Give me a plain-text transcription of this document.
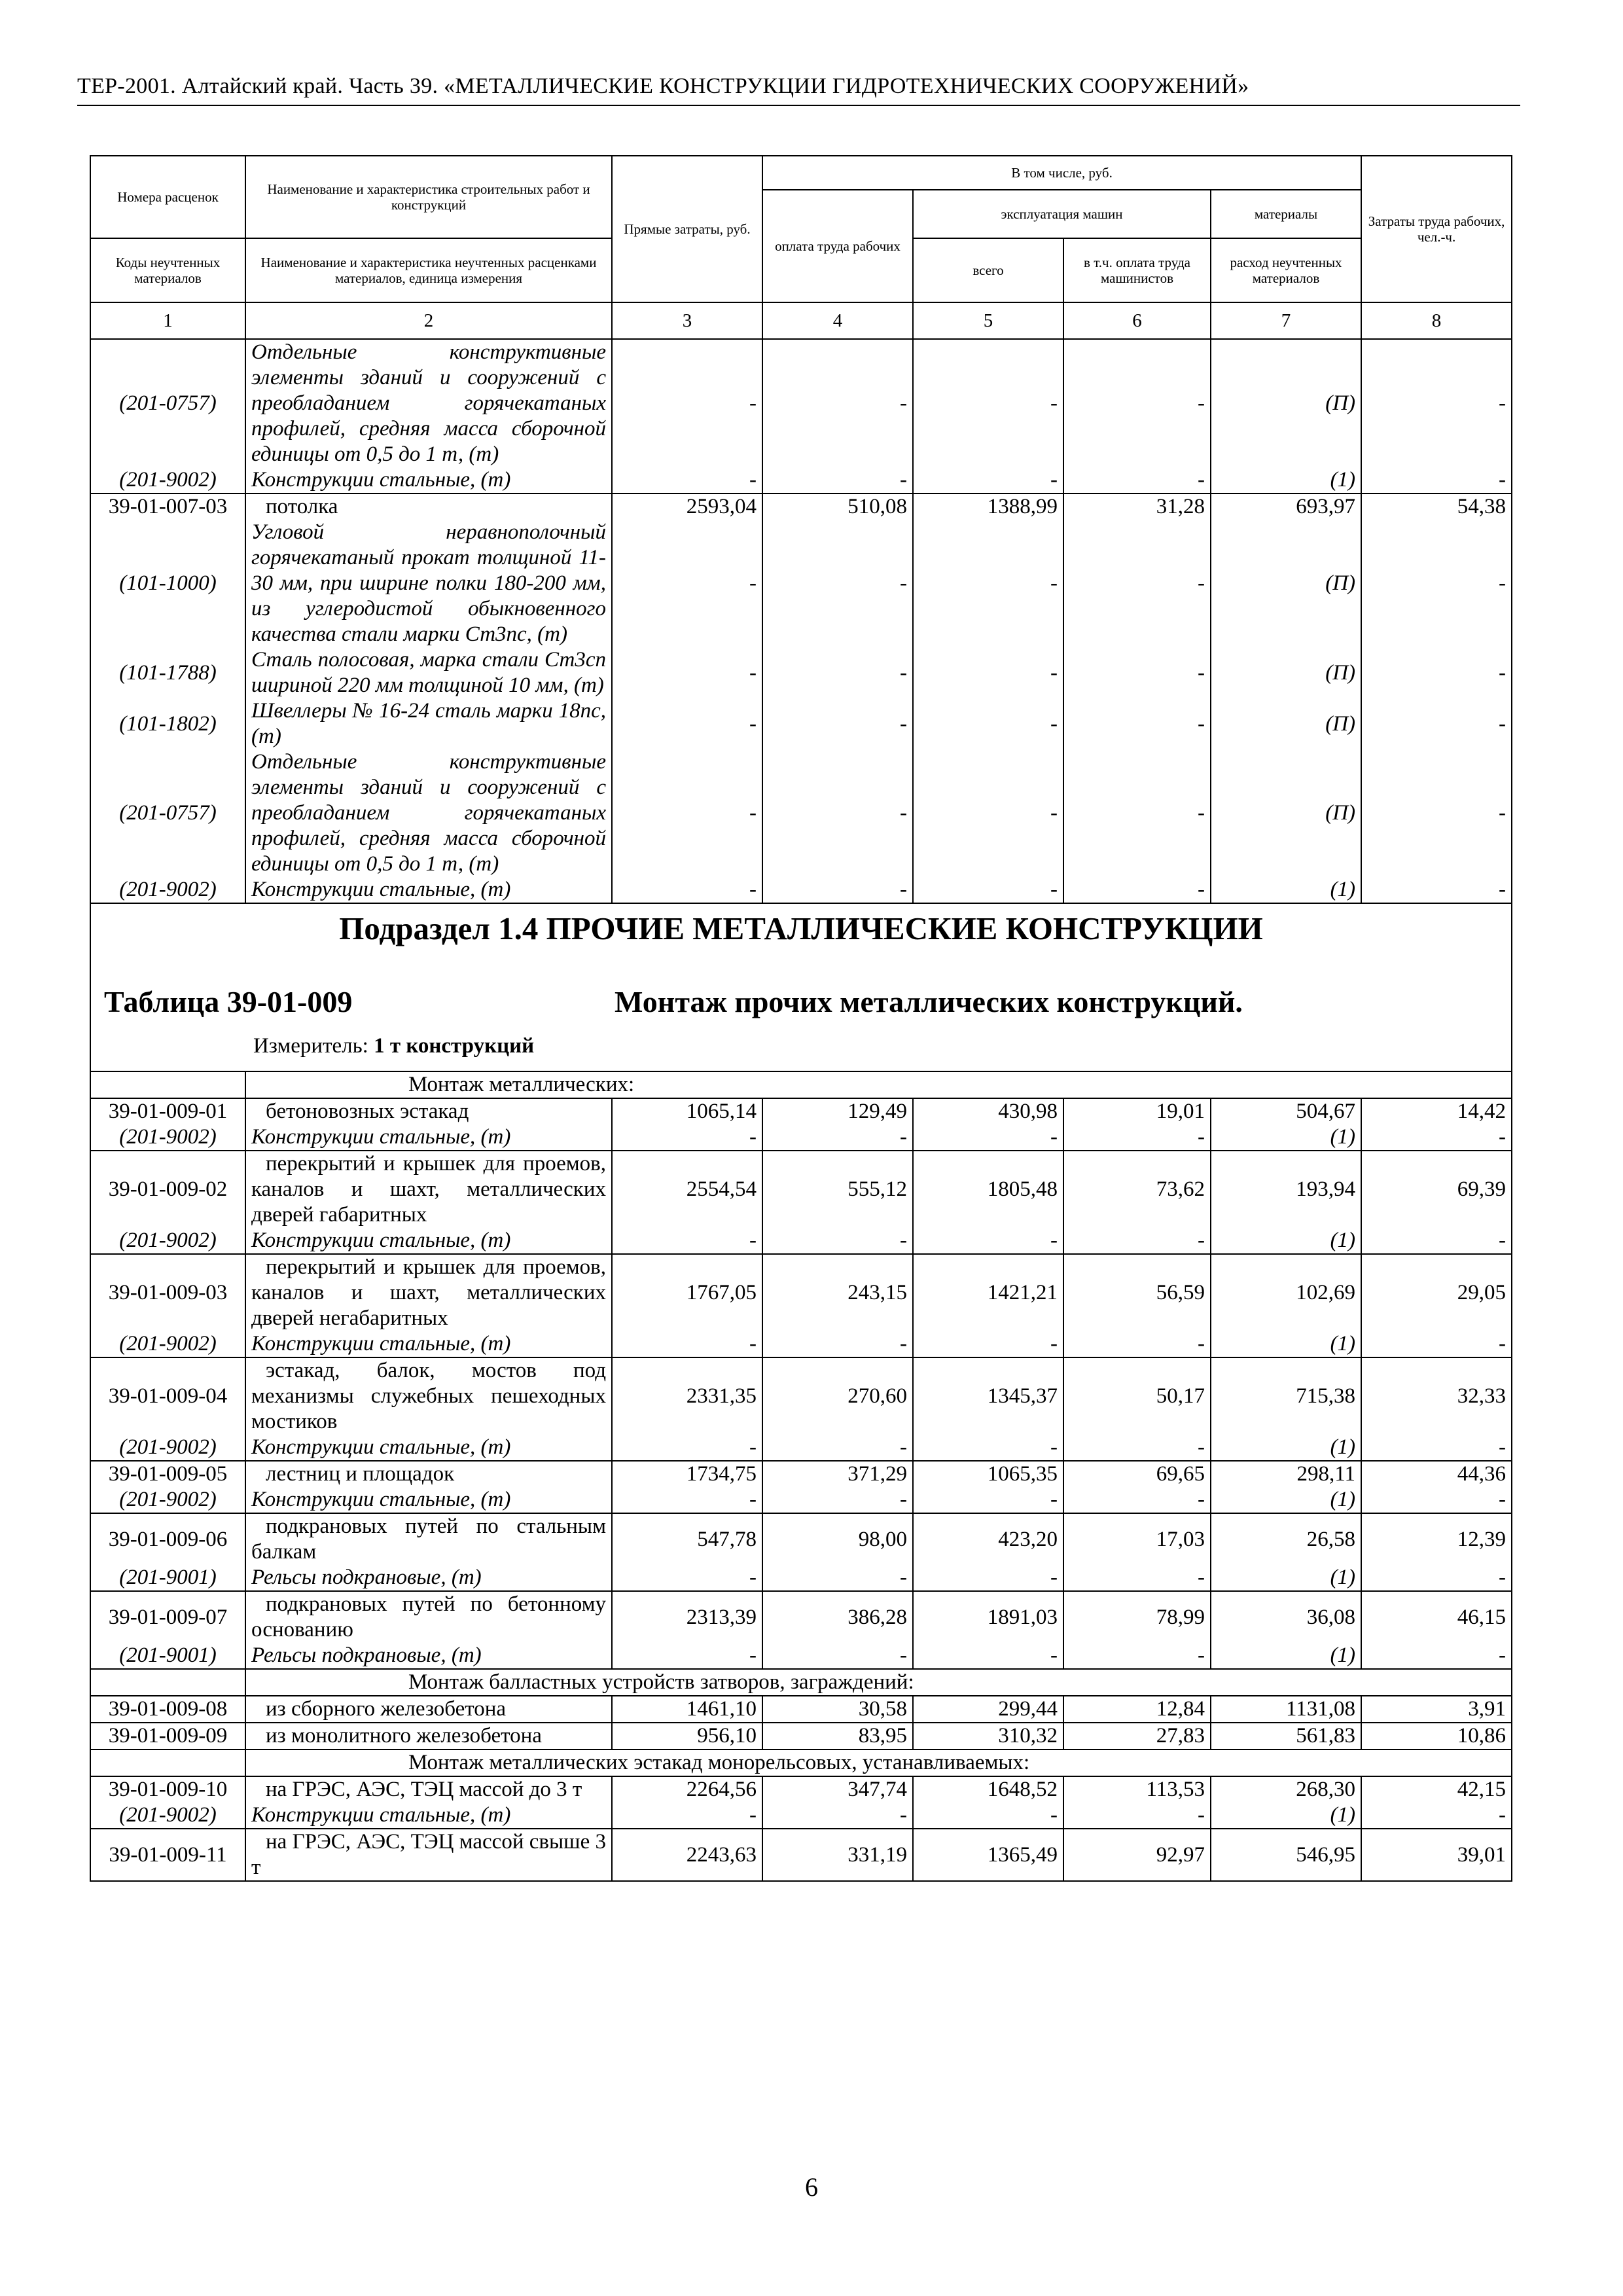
ТЕР-2001. Алтайский край. Часть 39. «МЕТАЛЛИЧЕСКИЕ КОНСТРУКЦИИ ГИДРОТЕХНИЧЕСКИХ СООРУЖЕНИЙ»
Номера расценок	Наименование и характеристика строительных работ и конструкций	Прямые затраты, руб.	В том числе, руб.				Затраты труда рабочих, чел.-ч.
			оплата труда рабочих	эксплуатация машин		материалы	
Коды неучтенных материалов	Наименование и характеристика неучтенных расценками материалов, единица измерения			всего	в т.ч. оплата труда машинистов	расход неучтенных материалов	
1	2	3	4	5	6	7	8
(201-0757)	Отдельные конструктивные элементы зданий и сооружений с преобладанием горячекатаных профилей, средняя масса сборочной единицы от 0,5 до 1 т, (т)	-	-	-	-	(П)	-
(201-9002)	Конструкции стальные, (т)	-	-	-	-	(1)	-
39-01-007-03	потолка	2593,04	510,08	1388,99	31,28	693,97	54,38
(101-1000)	Угловой неравнополочный горячекатаный прокат толщиной 11-30 мм, при ширине полки 180-200 мм, из углеродистой обыкновенного качества стали марки Ст3пс, (т)	-	-	-	-	(П)	-
(101-1788)	Сталь полосовая, марка стали Ст3сп шириной 220 мм толщиной 10 мм, (т)	-	-	-	-	(П)	-
(101-1802)	Швеллеры № 16-24 сталь марки 18пс, (т)	-	-	-	-	(П)	-
(201-0757)	Отдельные конструктивные элементы зданий и сооружений с преобладанием горячекатаных профилей, средняя масса сборочной единицы от 0,5 до 1 т, (т)	-	-	-	-	(П)	-
(201-9002)	Конструкции стальные, (т)	-	-	-	-	(1)	-

Подраздел 1.4 ПРОЧИЕ МЕТАЛЛИЧЕСКИЕ КОНСТРУКЦИИ
Таблица 39-01-009 Монтаж прочих металлических конструкций.
Измеритель: 1 т конструкций							

	Монтаж металлических:						
39-01-009-01	бетоновозных эстакад	1065,14	129,49	430,98	19,01	504,67	14,42
(201-9002)	Конструкции стальные, (т)	-	-	-	-	(1)	-
39-01-009-02	перекрытий и крышек для проемов, каналов и шахт, металлических дверей габаритных	2554,54	555,12	1805,48	73,62	193,94	69,39
(201-9002)	Конструкции стальные, (т)	-	-	-	-	(1)	-
39-01-009-03	перекрытий и крышек для проемов, каналов и шахт, металлических дверей негабаритных	1767,05	243,15	1421,21	56,59	102,69	29,05
(201-9002)	Конструкции стальные, (т)	-	-	-	-	(1)	-
39-01-009-04	эстакад, балок, мостов под механизмы служебных пешеходных мостиков	2331,35	270,60	1345,37	50,17	715,38	32,33
(201-9002)	Конструкции стальные, (т)	-	-	-	-	(1)	-
39-01-009-05	лестниц и площадок	1734,75	371,29	1065,35	69,65	298,11	44,36
(201-9002)	Конструкции стальные, (т)	-	-	-	-	(1)	-
39-01-009-06	подкрановых путей по стальным балкам	547,78	98,00	423,20	17,03	26,58	12,39
(201-9001)	Рельсы подкрановые, (т)	-	-	-	-	(1)	-
39-01-009-07	подкрановых путей по бетонному основанию	2313,39	386,28	1891,03	78,99	36,08	46,15
(201-9001)	Рельсы подкрановые, (т)	-	-	-	-	(1)	-
	Монтаж балластных устройств затворов, заграждений:						
39-01-009-08	из сборного железобетона	1461,10	30,58	299,44	12,84	1131,08	3,91
39-01-009-09	из монолитного железобетона	956,10	83,95	310,32	27,83	561,83	10,86
	Монтаж металлических эстакад монорельсовых, устанавливаемых:						
39-01-009-10	на ГРЭС, АЭС, ТЭЦ массой до 3 т	2264,56	347,74	1648,52	113,53	268,30	42,15
(201-9002)	Конструкции стальные, (т)	-	-	-	-	(1)	-
39-01-009-11	на ГРЭС, АЭС, ТЭЦ массой свыше 3 т	2243,63	331,19	1365,49	92,97	546,95	39,01
6
